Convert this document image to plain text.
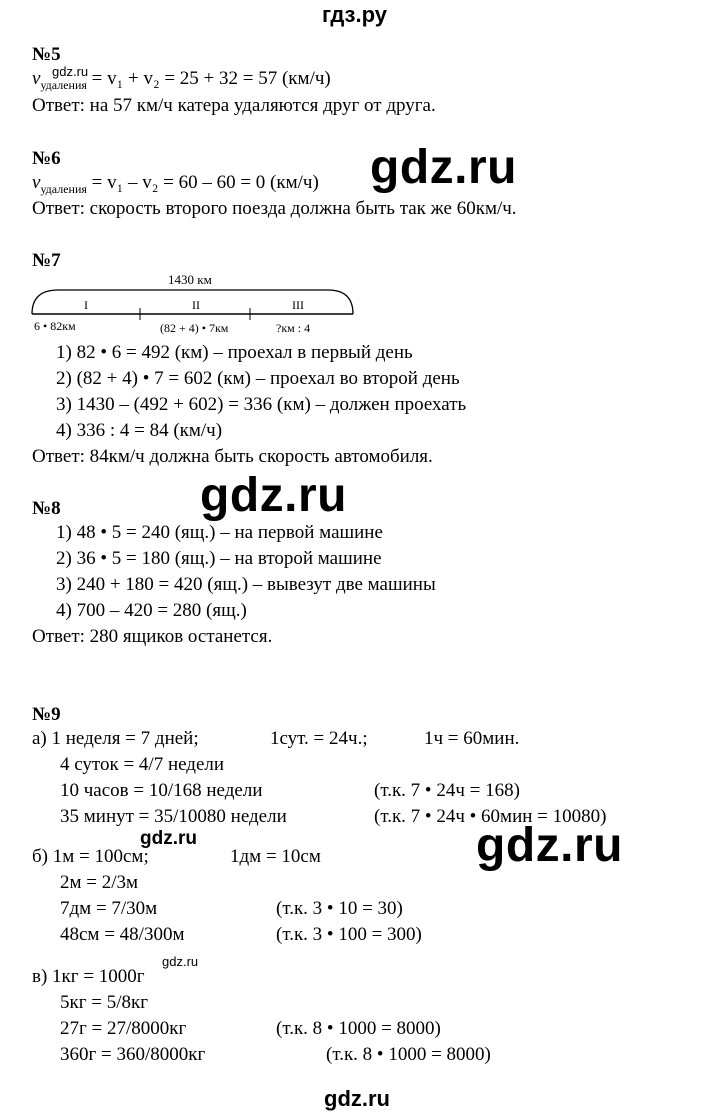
гдз.ру
№5
gdz.ru
$v_{удаления} = v_1 + v_2 = 25 + 32 = 57$ (км/ч)
Ответ: на 57 км/ч катера удаляются друг от друга.
№6
$v_{удаления} = v_1 - v_2 = 60 - 60 = 0$ (км/ч) gdz.ru
Ответ: скорость второго поезда должна быть так же 60км/ч.
№7
1430 км
I	II	III
6 • 82км	(82 + 4) • 7км	?км : 4
1) 82 • 6 = 492 (км) – проехал в первый день
2) (82 + 4) • 7 = 602 (км) – проехал во второй день
3) 1430 – (492 + 602) = 336 (км) – должен проехать
4) 336 : 4 = 84 (км/ч)
Ответ: 84км/ч должна быть скорость автомобиля.
gdz.ru
№8
1) 48 • 5 = 240 (ящ.) – на первой машине
2) 36 • 5 = 180 (ящ.) – на второй машине
3) 240 + 180 = 420 (ящ.) – вывезут две машины
4) 700 – 420 = 280 (ящ.)
Ответ: 280 ящиков останется.
№9
а) 1 неделя = 7 дней;	1сут. = 24ч.;	1ч = 60мин.
4 суток = 4/7 недели
10 часов = 10/168 недели	(т.к. 7 • 24ч = 168)
35 минут = 35/10080 недели	(т.к. 7 • 24ч • 60мин = 10080)
gdz.ru	gdz.ru
б) 1м = 100см;	1дм = 10см
2м = 2/3м
7дм = 7/30м	(т.к. 3 • 10 = 30)
48см = 48/300м	(т.к. 3 • 100 = 300)
gdz.ru
в) 1кг = 1000г
5кг = 5/8кг
27г = 27/8000кг	(т.к. 8 • 1000 = 8000)
360г = 360/8000кг	(т.к. 8 • 1000 = 8000)
gdz.ru
